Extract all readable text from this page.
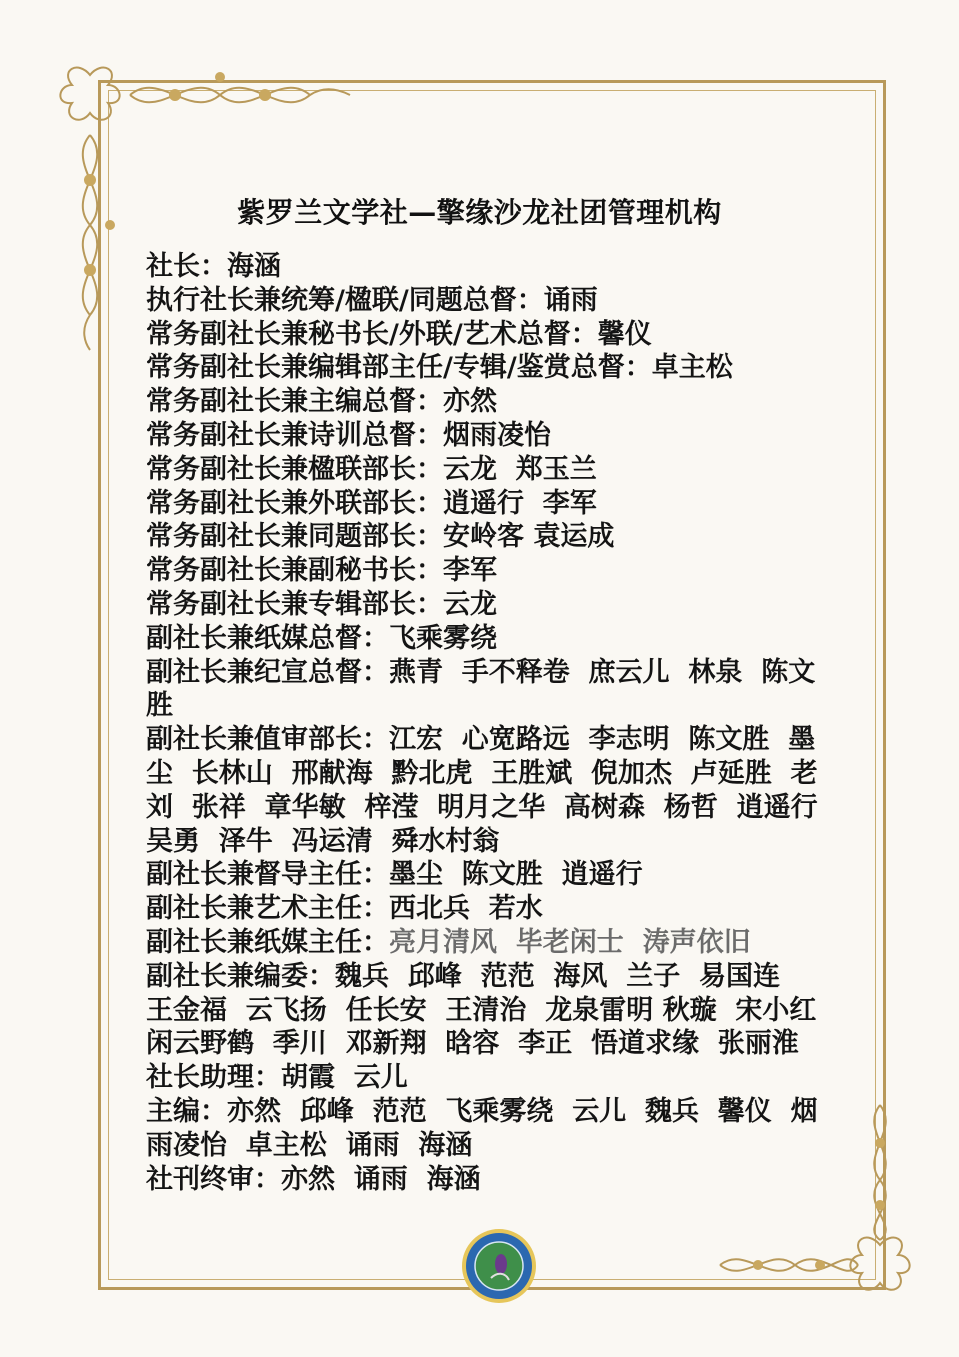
紫罗兰文学社—擎缘沙龙社团管理机构

社长：海涵

执行社长兼统筹/楹联/同题总督：诵雨

常务副社长兼秘书长/外联/艺术总督：馨仪

常务副社长兼编辑部主任/专辑/鉴赏总督：卓主松

常务副社长兼主编总督：亦然

常务副社长兼诗训总督：烟雨凌怡

常务副社长兼楹联部长：云龙  郑玉兰

常务副社长兼外联部长：逍遥行  李军

常务副社长兼同题部长：安岭客 袁运成

常务副社长兼副秘书长：李军

常务副社长兼专辑部长：云龙

副社长兼纸媒总督：飞乘雾绕

副社长兼纪宣总督：燕青  手不释卷  庶云儿  林泉  陈文胜

副社长兼值审部长：江宏  心宽路远  李志明  陈文胜  墨尘  长林山  邢献海  黔北虎  王胜斌  倪加杰  卢延胜  老刘  张祥  章华敏  梓滢  明月之华  高树森  杨哲  逍遥行  吴勇  泽牛  冯运清  舜水村翁

副社长兼督导主任：墨尘  陈文胜  逍遥行

副社长兼艺术主任：西北兵  若水

副社长兼纸媒主任：亮月清风  毕老闲士  涛声依旧

副社长兼编委：魏兵  邱峰  范范  海风  兰子  易国连  王金福  云飞扬  任长安  王清治  龙泉雷明 秋璇  宋小红  闲云野鹤  季川  邓新翔  晗容  李正  悟道求缘  张丽淮

社长助理：胡霞  云儿

主编：亦然  邱峰  范范  飞乘雾绕  云儿  魏兵  馨仪  烟雨凌怡  卓主松  诵雨  海涵

社刊终审：亦然  诵雨  海涵
